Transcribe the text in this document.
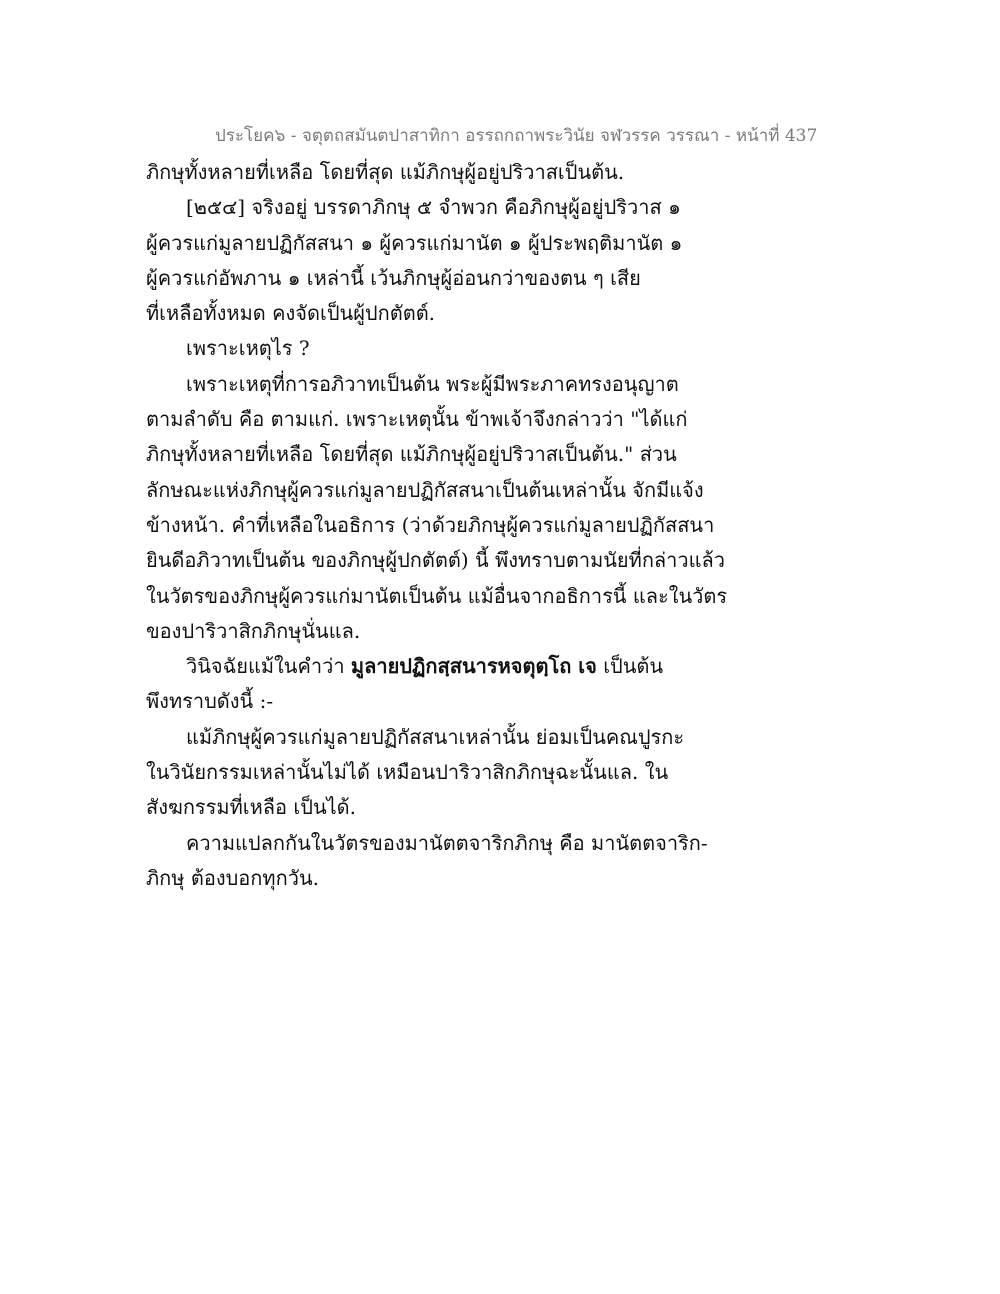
ประโยค๖ - จตุตถสมันตปาสาทิกา อรรถกถาพระวินัย จฬวรรค วรรณา - หน้าที่ 437
ภิกษุทั้งหลายที่เหลือ โดยที่สุด แม้ภิกษุผู้อยู่ปริวาสเป็นต้น.
[๒๕๔] จริงอยู่ บรรดาภิกษุ ๕ จำพวก คือภิกษุผู้อยู่ปริวาส ๑
ผู้ควรแก่มูลายปฏิกัสสนา ๑ ผู้ควรแก่มานัต ๑ ผู้ประพฤติมานัต ๑
ผู้ควรแก่อัพภาน ๑ เหล่านี้ เว้นภิกษุผู้อ่อนกว่าของตน ๆ เสีย
ที่เหลือทั้งหมด คงจัดเป็นผู้ปกตัตต์.
เพราะเหตุไร ?
เพราะเหตุที่การอภิวาทเป็นต้น พระผู้มีพระภาคทรงอนุญาต
ตามลำดับ คือ ตามแก่. เพราะเหตุนั้น ข้าพเจ้าจึงกล่าวว่า "ได้แก่
ภิกษุทั้งหลายที่เหลือ โดยที่สุด แม้ภิกษุผู้อยู่ปริวาสเป็นต้น." ส่วน
ลักษณะแห่งภิกษุผู้ควรแก่มูลายปฏิกัสสนาเป็นต้นเหล่านั้น จักมีแจ้ง
ข้างหน้า. คำที่เหลือในอธิการ (ว่าด้วยภิกษุผู้ควรแก่มูลายปฏิกัสสนา
ยินดีอภิวาทเป็นต้น ของภิกษุผู้ปกตัตต์) นี้ พึงทราบตามนัยที่กล่าวแล้ว
ในวัตรของภิกษุผู้ควรแก่มานัตเป็นต้น แม้อื่นจากอธิการนี้ และในวัตร
ของปาริวาสิกภิกษุนั่นแล.
วินิจฉัยแม้ในคำว่า มูลายปฏิกสฺสนารหจตุตฺโถ เจ เป็นต้น
พึงทราบดังนี้ :-
แม้ภิกษุผู้ควรแก่มูลายปฏิกัสสนาเหล่านั้น ย่อมเป็นคณปูรกะ
ในวินัยกรรมเหล่านั้นไม่ได้ เหมือนปาริวาสิกภิกษุฉะนั้นแล. ใน
สังฆกรรมที่เหลือ เป็นได้.
ความแปลกกันในวัตรของมานัตตจาริกภิกษุ คือ มานัตตจาริก-
ภิกษุ ต้องบอกทุกวัน.
